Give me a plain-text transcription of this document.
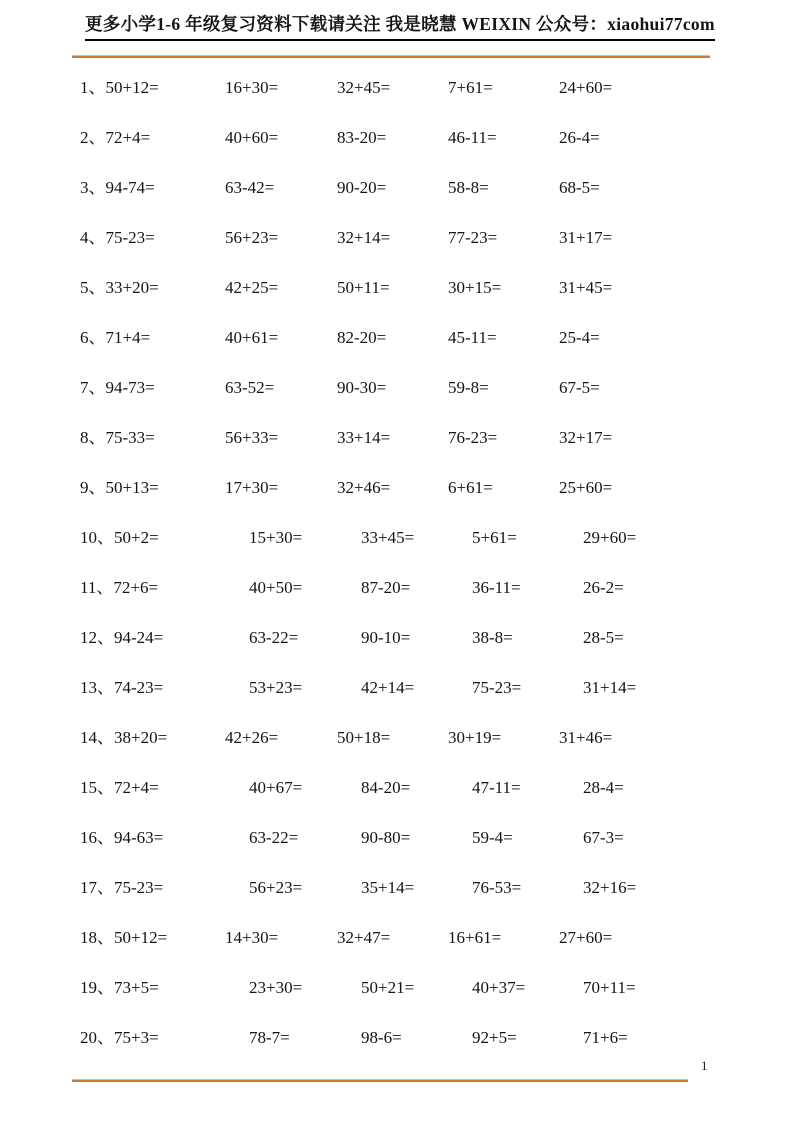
更多小学1-6 年级复习资料下载请关注 我是晓慧 WEIXIN 公众号：xiaohui77com
1、50+12=	16+30=	32+45=	7+61=	24+60=
2、72+4=	40+60=	83-20=	46-11=	26-4=
3、94-74=	63-42=	90-20=	58-8=	68-5=
4、75-23=	56+23=	32+14=	77-23=	31+17=
5、33+20=	42+25=	50+11=	30+15=	31+45=
6、71+4=	40+61=	82-20=	45-11=	25-4=
7、94-73=	63-52=	90-30=	59-8=	67-5=
8、75-33=	56+33=	33+14=	76-23=	32+17=
9、50+13=	17+30=	32+46=	6+61=	25+60=
10、50+2=	15+30=	33+45=	5+61=	29+60=
11、72+6=	40+50=	87-20=	36-11=	26-2=
12、94-24=	63-22=	90-10=	38-8=	28-5=
13、74-23=	53+23=	42+14=	75-23=	31+14=
14、38+20=	42+26=	50+18=	30+19=	31+46=
15、72+4=	40+67=	84-20=	47-11=	28-4=
16、94-63=	63-22=	90-80=	59-4=	67-3=
17、75-23=	56+23=	35+14=	76-53=	32+16=
18、50+12=	14+30=	32+47=	16+61=	27+60=
19、73+5=	23+30=	50+21=	40+37=	70+11=
20、75+3=	78-7=	98-6=	92+5=	71+6=
1
